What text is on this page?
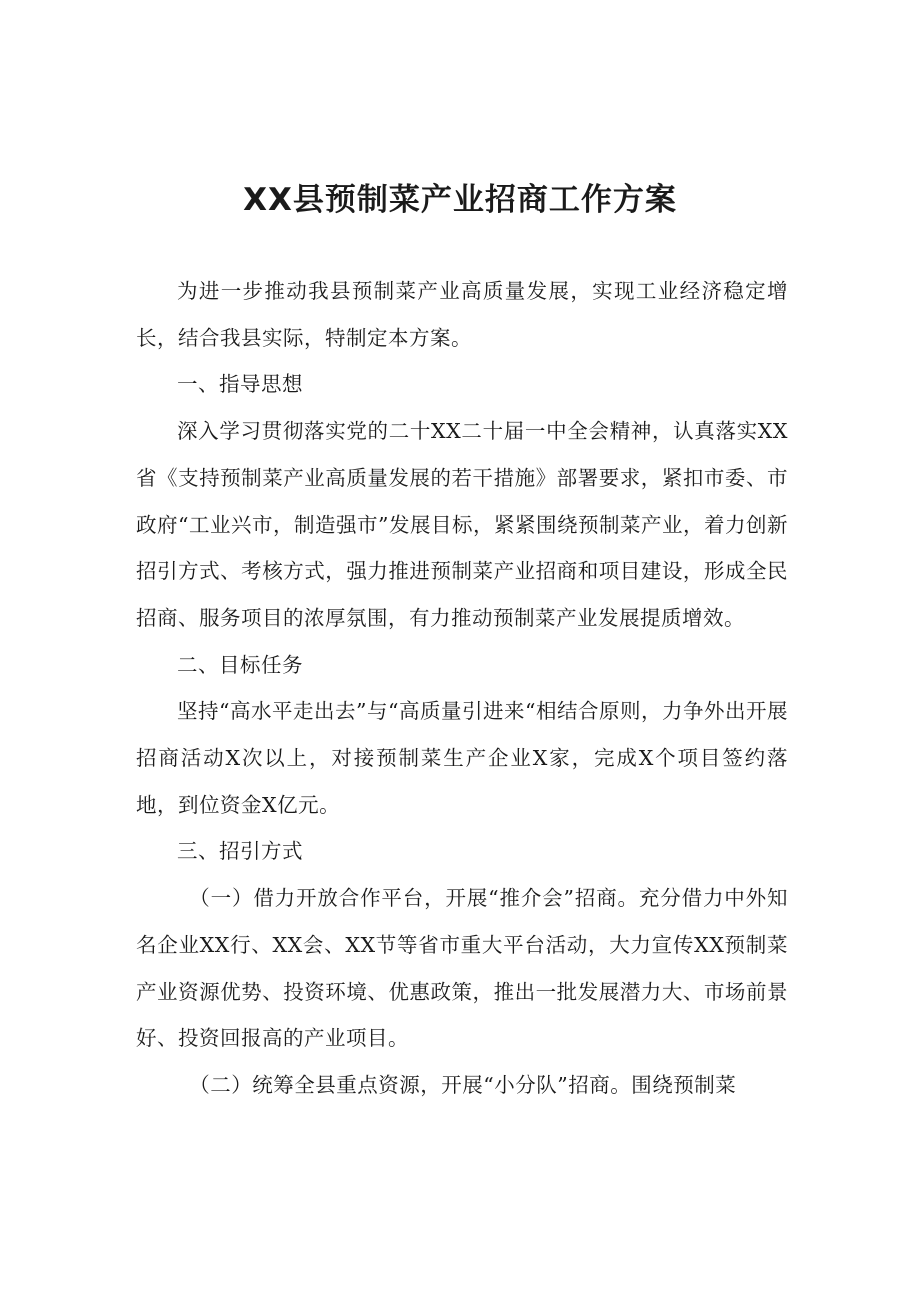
XX县预制菜产业招商工作方案

为进一步推动我县预制菜产业高质量发展，实现工业经济稳定增长，结合我县实际，特制定本方案。

一、指导思想

深入学习贯彻落实党的二十XX二十届一中全会精神，认真落实XX省《支持预制菜产业高质量发展的若干措施》部署要求，紧扣市委、市政府“工业兴市，制造强市”发展目标，紧紧围绕预制菜产业，着力创新招引方式、考核方式，强力推进预制菜产业招商和项目建设，形成全民招商、服务项目的浓厚氛围，有力推动预制菜产业发展提质增效。

二、目标任务

坚持“高水平走出去”与“高质量引进来“相结合原则，力争外出开展招商活动X次以上，对接预制菜生产企业X家，完成X个项目签约落地，到位资金X亿元。

三、招引方式

（一）借力开放合作平台，开展“推介会”招商。充分借力中外知名企业XX行、XX会、XX节等省市重大平台活动，大力宣传XX预制菜产业资源优势、投资环境、优惠政策，推出一批发展潜力大、市场前景好、投资回报高的产业项目。

（二）统筹全县重点资源，开展“小分队”招商。围绕预制菜
